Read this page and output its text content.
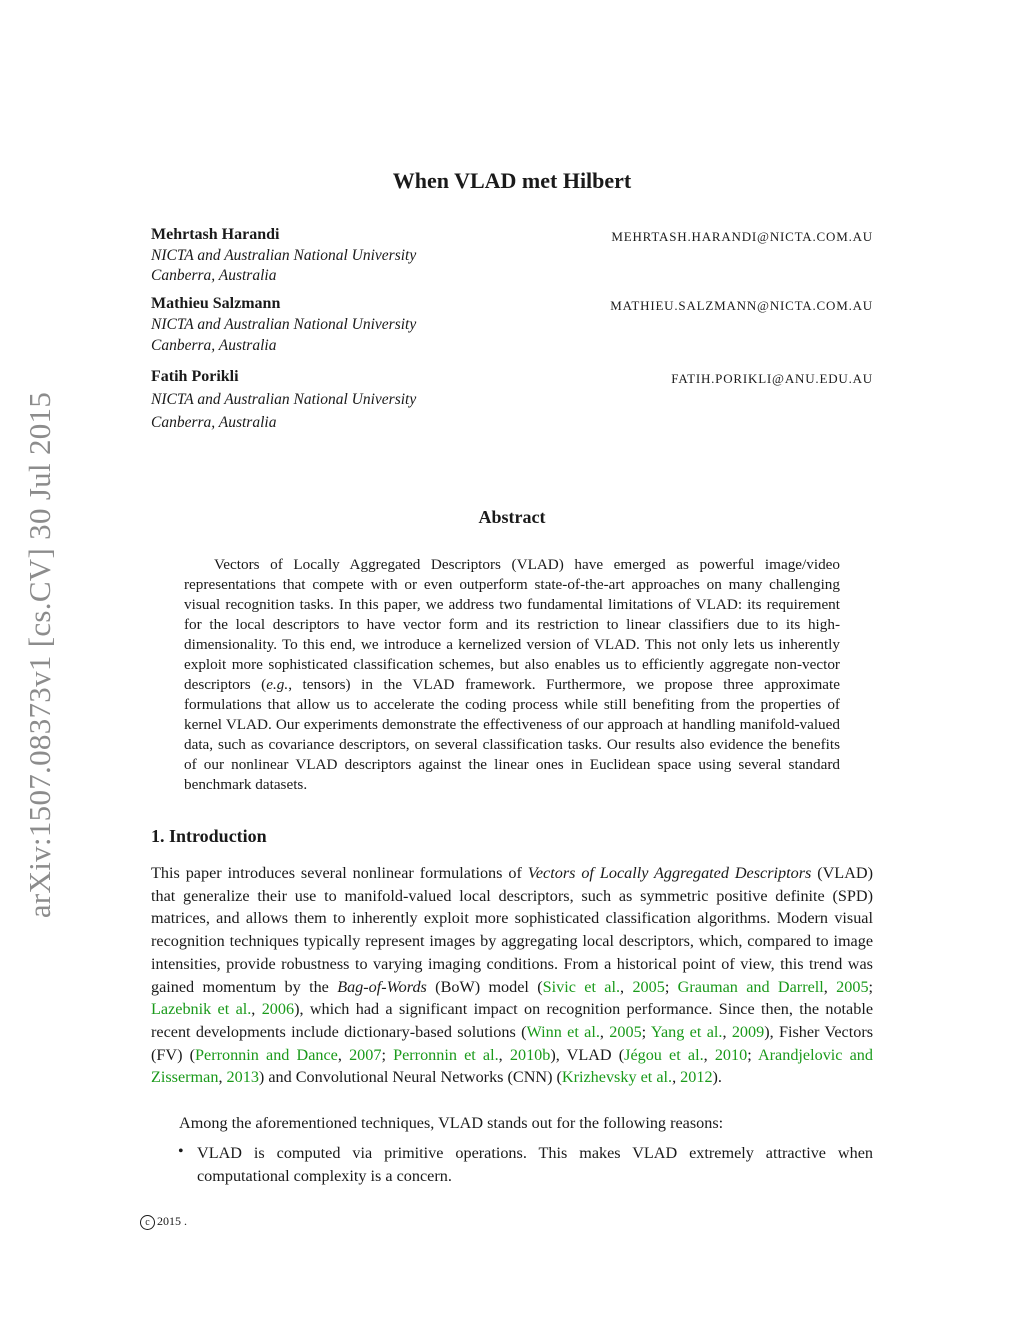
arXiv:1507.08373v1 [cs.CV] 30 Jul 2015
When VLAD met Hilbert
Mehrtash Harandi	MEHRTASH.HARANDI@NICTA.COM.AU
NICTA and Australian National University
Canberra, Australia
Mathieu Salzmann	MATHIEU.SALZMANN@NICTA.COM.AU
NICTA and Australian National University
Canberra, Australia
Fatih Porikli	FATIH.PORIKLI@ANU.EDU.AU
NICTA and Australian National University
Canberra, Australia
Abstract

Vectors of Locally Aggregated Descriptors (VLAD) have emerged as powerful image/video representations that compete with or even outperform state-of-the-art approaches on many challenging visual recognition tasks. In this paper, we address two fundamental limitations of VLAD: its requirement for the local descriptors to have vector form and its restriction to linear classifiers due to its high-dimensionality. To this end, we introduce a kernelized version of VLAD. This not only lets us inherently exploit more sophisticated classification schemes, but also enables us to efficiently aggregate non-vector descriptors (e.g., tensors) in the VLAD framework. Furthermore, we propose three approximate formulations that allow us to accelerate the coding process while still benefiting from the properties of kernel VLAD. Our experiments demonstrate the effectiveness of our approach at handling manifold-valued data, such as covariance descriptors, on several classification tasks. Our results also evidence the benefits of our nonlinear VLAD descriptors against the linear ones in Euclidean space using several standard benchmark datasets.

1. Introduction

This paper introduces several nonlinear formulations of Vectors of Locally Aggregated Descriptors (VLAD) that generalize their use to manifold-valued local descriptors, such as symmetric positive definite (SPD) matrices, and allows them to inherently exploit more sophisticated classification algorithms. Modern visual recognition techniques typically represent images by aggregating local descriptors, which, compared to image intensities, provide robustness to varying imaging conditions. From a historical point of view, this trend was gained momentum by the Bag-of-Words (BoW) model (Sivic et al., 2005; Grauman and Darrell, 2005; Lazebnik et al., 2006), which had a significant impact on recognition performance. Since then, the notable recent developments include dictionary-based solutions (Winn et al., 2005; Yang et al., 2009), Fisher Vectors (FV) (Perronnin and Dance, 2007; Perronnin et al., 2010b), VLAD (Jégou et al., 2010; Arandjelovic and Zisserman, 2013) and Convolutional Neural Networks (CNN) (Krizhevsky et al., 2012).

Among the aforementioned techniques, VLAD stands out for the following reasons:

• VLAD is computed via primitive operations. This makes VLAD extremely attractive when computational complexity is a concern.

c 2015 .
